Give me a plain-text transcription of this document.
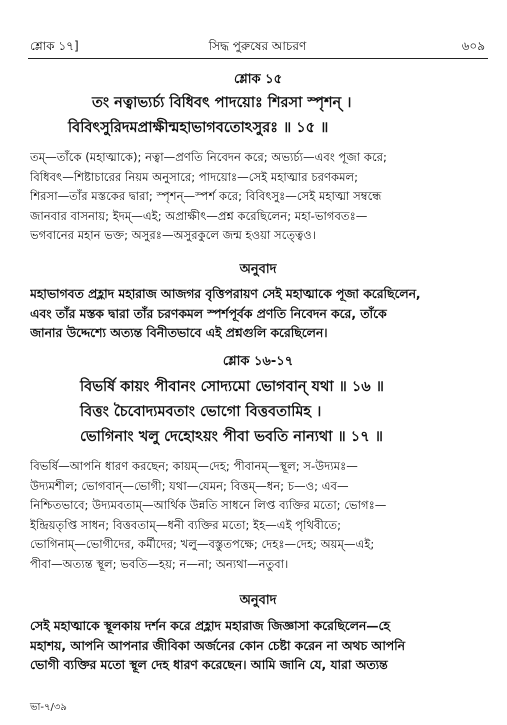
শ্লোক ১৭]	সিদ্ধ পুরুষের আচরণ	৬০৯
শ্লোক ১৫
তং নত্বাভ্যর্চ্য বিধিবৎ পাদয়োঃ শিরসা স্পৃশন্ ।
বিবিৎসুরিদমপ্রাক্ষীন্মহাভাগবতোঽসুরঃ ॥ ১৫ ॥
তম্—তাঁকে (মহাত্মাকে); নত্বা—প্রণতি নিবেদন করে; অভ্যর্চ্য—এবং পূজা করে;
বিধিবৎ—শিষ্টাচারের নিয়ম অনুসারে; পাদয়োঃ—সেই মহাত্মার চরণকমল;
শিরসা—তাঁর মস্তকের দ্বারা; স্পৃশন্—স্পর্শ করে; বিবিৎসুঃ—সেই মহাত্মা সম্বন্ধে
জানবার বাসনায়; ইদম্—এই; অপ্রাক্ষীৎ—প্রশ্ন করেছিলেন; মহা-ভাগবতঃ—
ভগবানের মহান ভক্ত; অসুরঃ—অসুরকুলে জন্ম হওয়া সত্ত্বেও।
অনুবাদ
মহাভাগবত প্রহ্লাদ মহারাজ আজগর বৃত্তিপরায়ণ সেই মহাত্মাকে পূজা করেছিলেন,
এবং তাঁর মস্তক দ্বারা তাঁর চরণকমল স্পর্শপূর্বক প্রণতি নিবেদন করে, তাঁকে
জানার উদ্দেশ্যে অত্যন্ত বিনীতভাবে এই প্রশ্নগুলি করেছিলেন।
শ্লোক ১৬-১৭
বিভর্ষি কায়ং পীবানং সোদ্যমো ভোগবান্ যথা ॥ ১৬ ॥
বিত্তং চৈবোদ্যমবতাং ভোগো বিত্তবতামিহ ।
ভোগিনাং খলু দেহোঽয়ং পীবা ভবতি নান্যথা ॥ ১৭ ॥
বিভর্ষি—আপনি ধারণ করছেন; কায়ম্—দেহ; পীবানম্—স্থূল; স-উদ্যমঃ—
উদ্যমশীল; ভোগবান্—ভোগী; যথা—যেমন; বিত্তম্—ধন; চ—ও; এব—
নিশ্চিতভাবে; উদ্যমবতাম্—আর্থিক উন্নতি সাধনে লিপ্ত ব্যক্তির মতো; ভোগঃ—
ইন্দ্রিয়তৃপ্তি সাধন; বিত্তবতাম্—ধনী ব্যক্তির মতো; ইহ—এই পৃথিবীতে;
ভোগিনাম্—ভোগীদের, কর্মীদের; খলু—বস্তুতপক্ষে; দেহঃ—দেহ; অয়ম্—এই;
পীবা—অত্যন্ত স্থূল; ভবতি—হয়; ন—না; অন্যথা—নতুবা।
অনুবাদ
সেই মহাত্মাকে স্থূলকায় দর্শন করে প্রহ্লাদ মহারাজ জিজ্ঞাসা করেছিলেন—হে
মহাশয়, আপনি আপনার জীবিকা অর্জনের কোন চেষ্টা করেন না অথচ আপনি
ভোগী ব্যক্তির মতো স্থূল দেহ ধারণ করেছেন। আমি জানি যে, যারা অত্যন্ত
ভা-৭/৩৯
